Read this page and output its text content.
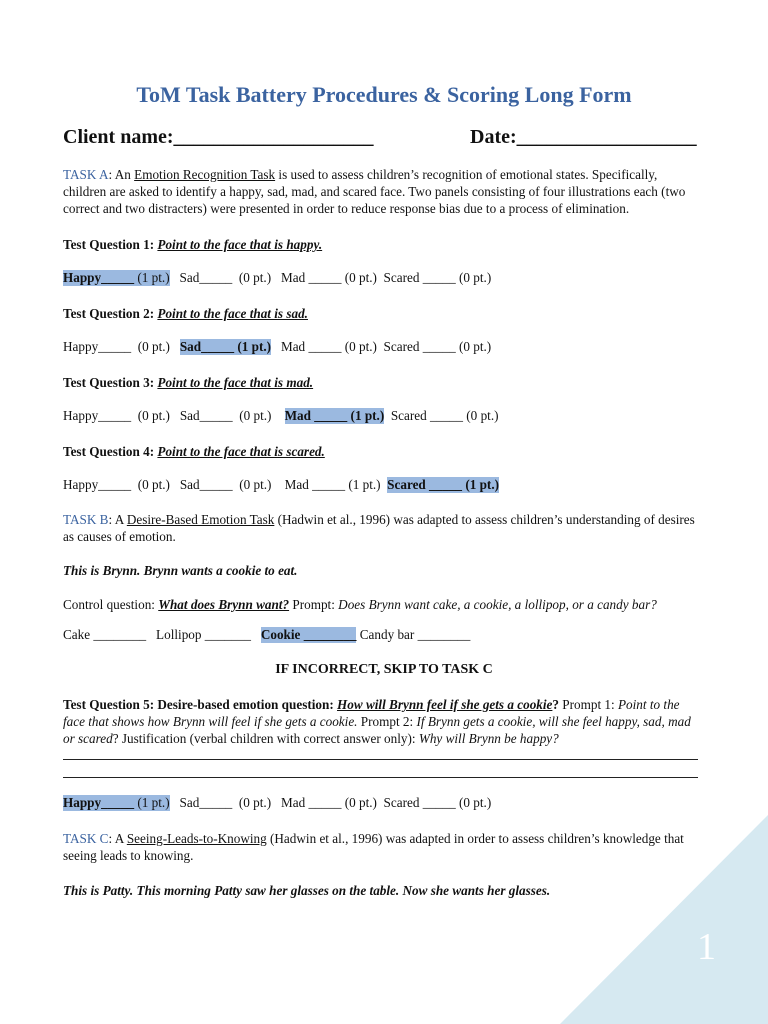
ToM Task Battery Procedures & Scoring Long Form
Client name:____________________	Date:__________________
TASK A: An Emotion Recognition Task is used to assess children’s recognition of emotional states. Specifically, children are asked to identify a happy, sad, mad, and scared face. Two panels consisting of four illustrations each (two correct and two distracters) were presented in order to reduce response bias due to a process of elimination.
Test Question 1: Point to the face that is happy.
Happy_____ (1 pt.) Sad_____  (0 pt.) Mad _____ (0 pt.) Scared _____ (0 pt.)
Test Question 2: Point to the face that is sad.
Happy_____  (0 pt.) Sad_____ (1 pt.) Mad _____ (0 pt.) Scared _____ (0 pt.)
Test Question 3: Point to the face that is mad.
Happy_____  (0 pt.) Sad_____  (0 pt.) Mad _____ (1 pt.) Scared _____ (0 pt.)
Test Question 4: Point to the face that is scared.
Happy_____  (0 pt.) Sad_____  (0 pt.) Mad _____ (1 pt.) Scared _____ (1 pt.)
TASK B: A Desire-Based Emotion Task (Hadwin et al., 1996) was adapted to assess children’s understanding of desires as causes of emotion.
This is Brynn. Brynn wants a cookie to eat.
Control question: What does Brynn want? Prompt: Does Brynn want cake, a cookie, a lollipop, or a candy bar?
Cake ________ Lollipop _______ Cookie ________ Candy bar ________
IF INCORRECT, SKIP TO TASK C
Test Question 5: Desire-based emotion question: How will Brynn feel if she gets a cookie? Prompt 1: Point to the face that shows how Brynn will feel if she gets a cookie. Prompt 2: If Brynn gets a cookie, will she feel happy, sad, mad or scared? Justification (verbal children with correct answer only): Why will Brynn be happy?
Happy_____ (1 pt.) Sad_____  (0 pt.) Mad _____ (0 pt.) Scared _____ (0 pt.)
TASK C: A Seeing-Leads-to-Knowing (Hadwin et al., 1996) was adapted in order to assess children’s knowledge that seeing leads to knowing.
This is Patty. This morning Patty saw her glasses on the table. Now she wants her glasses.
1
